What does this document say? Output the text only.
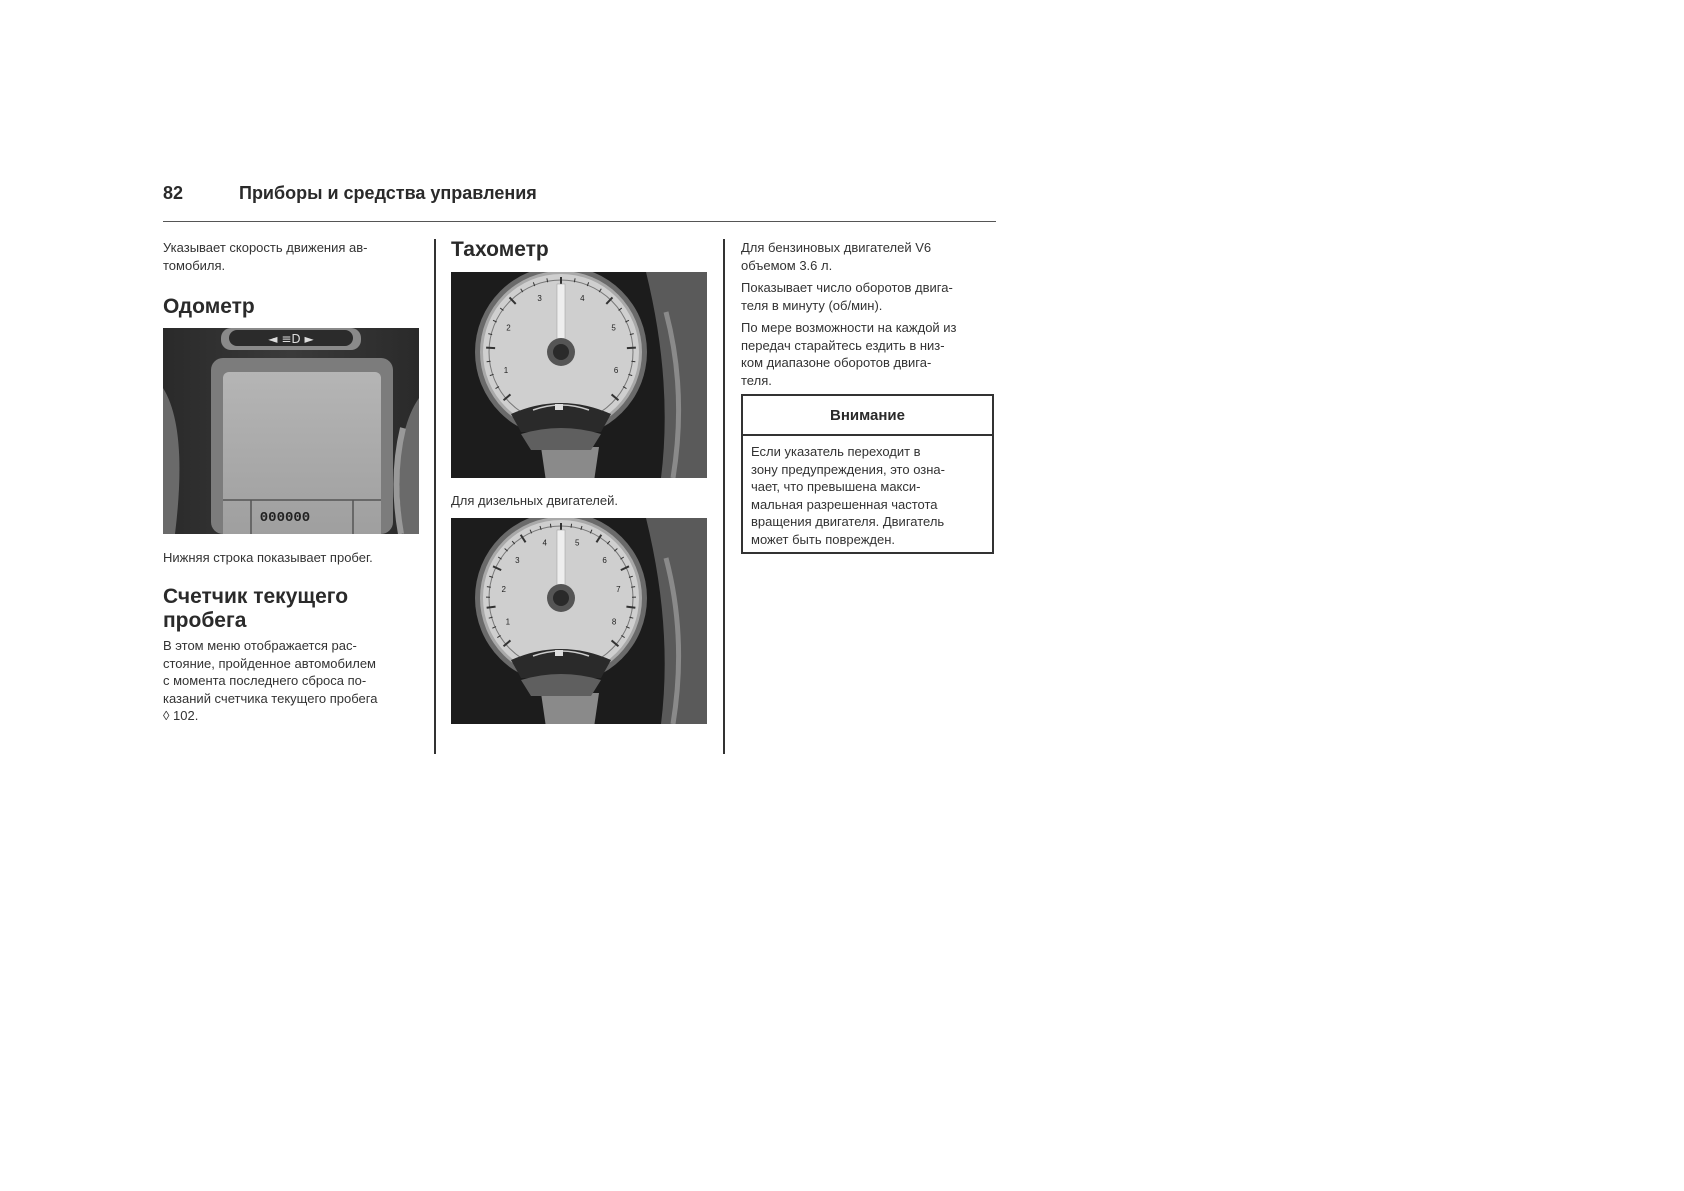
82	Приборы и средства управления
Указывает скорость движения ав-
томобиля.
Одометр
◄ ≡D ►
000000
Нижняя строка показывает пробег.
Счетчик текущего
пробега
В этом меню отображается рас-
стояние, пройденное автомобилем
с момента последнего сброса по-
казаний счетчика текущего пробега
◊ 102.
Тахометр
1
2
3	4
5
6
Для дизельных двигателей.
1
2
3
4	5
6
7
8
Для бензиновых двигателей V6
объемом 3.6 л.
Показывает число оборотов двига-
теля в минуту (об/мин).
По мере возможности на каждой из
передач старайтесь ездить в низ-
ком диапазоне оборотов двига-
теля.
Внимание
Если указатель переходит в
зону предупреждения, это озна-
чает, что превышена макси-
мальная разрешенная частота
вращения двигателя. Двигатель
может быть поврежден.
